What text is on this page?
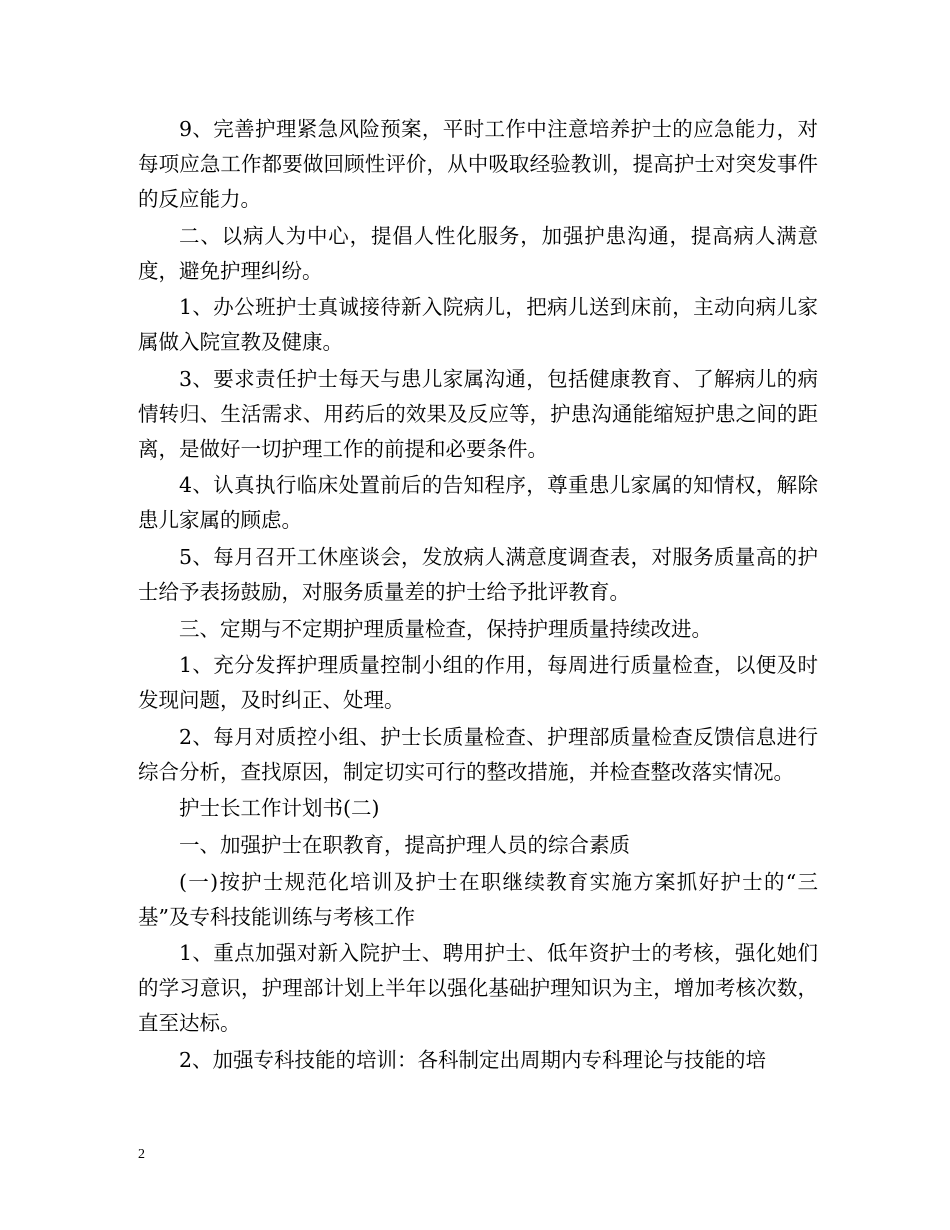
9、完善护理紧急风险预案，平时工作中注意培养护士的应急能力，对每项应急工作都要做回顾性评价，从中吸取经验教训，提高护士对突发事件的反应能力。

二、以病人为中心，提倡人性化服务，加强护患沟通，提高病人满意度，避免护理纠纷。

1、办公班护士真诚接待新入院病儿，把病儿送到床前，主动向病儿家属做入院宣教及健康。

3、要求责任护士每天与患儿家属沟通，包括健康教育、了解病儿的病情转归、生活需求、用药后的效果及反应等，护患沟通能缩短护患之间的距离，是做好一切护理工作的前提和必要条件。

4、认真执行临床处置前后的告知程序，尊重患儿家属的知情权，解除患儿家属的顾虑。

5、每月召开工休座谈会，发放病人满意度调查表，对服务质量高的护士给予表扬鼓励，对服务质量差的护士给予批评教育。

三、定期与不定期护理质量检查，保持护理质量持续改进。

1、充分发挥护理质量控制小组的作用，每周进行质量检查，以便及时发现问题，及时纠正、处理。

2、每月对质控小组、护士长质量检查、护理部质量检查反馈信息进行综合分析，查找原因，制定切实可行的整改措施，并检查整改落实情况。

护士长工作计划书(二)

一、加强护士在职教育，提高护理人员的综合素质

(一)按护士规范化培训及护士在职继续教育实施方案抓好护士的“三基”及专科技能训练与考核工作

1、重点加强对新入院护士、聘用护士、低年资护士的考核，强化她们的学习意识，护理部计划上半年以强化基础护理知识为主，增加考核次数，直至达标。

2、加强专科技能的培训：各科制定出周期内专科理论与技能的培

2
